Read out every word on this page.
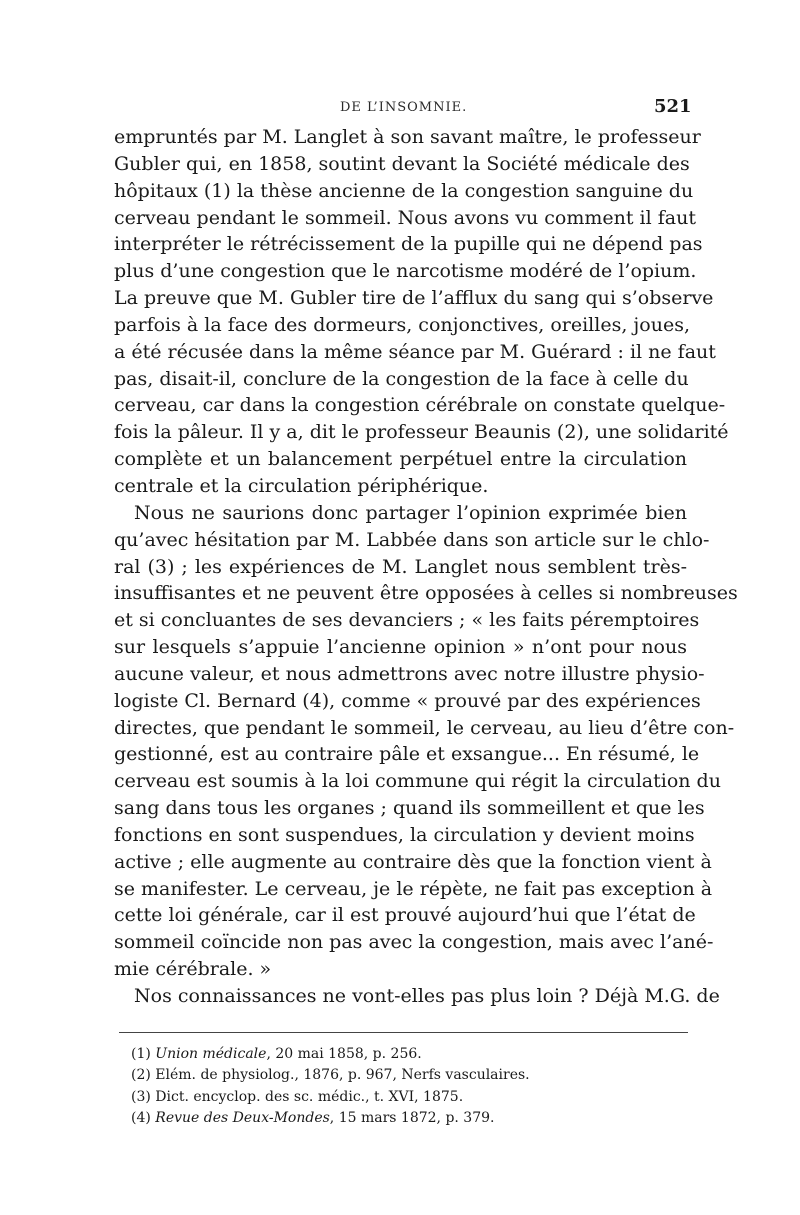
DE L’INSOMNIE.	521
empruntés par M. Langlet à son savant maître, le professeur
Gubler qui, en 1858, soutint devant la Société médicale des
hôpitaux (1) la thèse ancienne de la congestion sanguine du
cerveau pendant le sommeil. Nous avons vu comment il faut
interpréter le rétrécissement de la pupille qui ne dépend pas
plus d’une congestion que le narcotisme modéré de l’opium.
La preuve que M. Gubler tire de l’afflux du sang qui s’observe
parfois à la face des dormeurs, conjonctives, oreilles, joues,
a été récusée dans la même séance par M. Guérard : il ne faut
pas, disait-il, conclure de la congestion de la face à celle du
cerveau, car dans la congestion cérébrale on constate quelque-
fois la pâleur. Il y a, dit le professeur Beaunis (2), une solidarité
complète et un balancement perpétuel entre la circulation
centrale et la circulation périphérique.
Nous ne saurions donc partager l’opinion exprimée bien
qu’avec hésitation par M. Labbée dans son article sur le chlo-
ral (3) ; les expériences de M. Langlet nous semblent très-
insuffisantes et ne peuvent être opposées à celles si nombreuses
et si concluantes de ses devanciers ; « les faits péremptoires
sur lesquels s’appuie l’ancienne opinion » n’ont pour nous
aucune valeur, et nous admettrons avec notre illustre physio-
logiste Cl. Bernard (4), comme « prouvé par des expériences
directes, que pendant le sommeil, le cerveau, au lieu d’être con-
gestionné, est au contraire pâle et exsangue... En résumé, le
cerveau est soumis à la loi commune qui régit la circulation du
sang dans tous les organes ; quand ils sommeillent et que les
fonctions en sont suspendues, la circulation y devient moins
active ; elle augmente au contraire dès que la fonction vient à
se manifester. Le cerveau, je le répète, ne fait pas exception à
cette loi générale, car il est prouvé aujourd’hui que l’état de
sommeil coïncide non pas avec la congestion, mais avec l’ané-
mie cérébrale. »
Nos connaissances ne vont-elles pas plus loin ? Déjà M.G. de
(1) Union médicale, 20 mai 1858, p. 256.
(2) Elém. de physiolog., 1876, p. 967, Nerfs vasculaires.
(3) Dict. encyclop. des sc. médic., t. XVI, 1875.
(4) Revue des Deux-Mondes, 15 mars 1872, p. 379.
